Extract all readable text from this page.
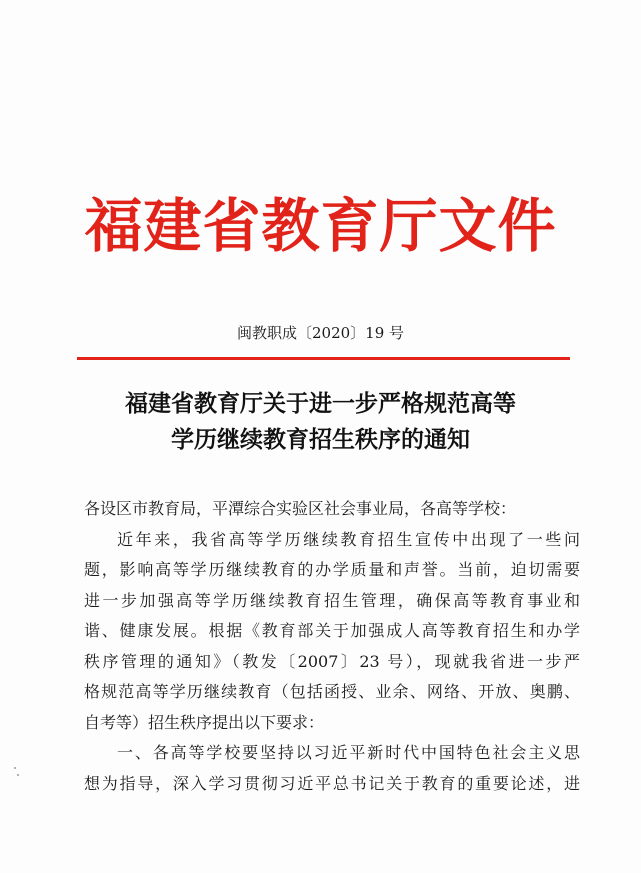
福建省教育厅文件
闽教职成〔2020〕19 号
福建省教育厅关于进一步严格规范高等
学历继续教育招生秩序的通知
各设区市教育局，平潭综合实验区社会事业局，各高等学校：
近年来，我省高等学历继续教育招生宣传中出现了一些问
题，影响高等学历继续教育的办学质量和声誉。当前，迫切需要
进一步加强高等学历继续教育招生管理，确保高等教育事业和
谐、健康发展。根据《教育部关于加强成人高等教育招生和办学
秩序管理的通知》（教发〔2007〕23 号），现就我省进一步严
格规范高等学历继续教育（包括函授、业余、网络、开放、奥鹏、
自考等）招生秩序提出以下要求：
一、各高等学校要坚持以习近平新时代中国特色社会主义思
想为指导，深入学习贯彻习近平总书记关于教育的重要论述，进
